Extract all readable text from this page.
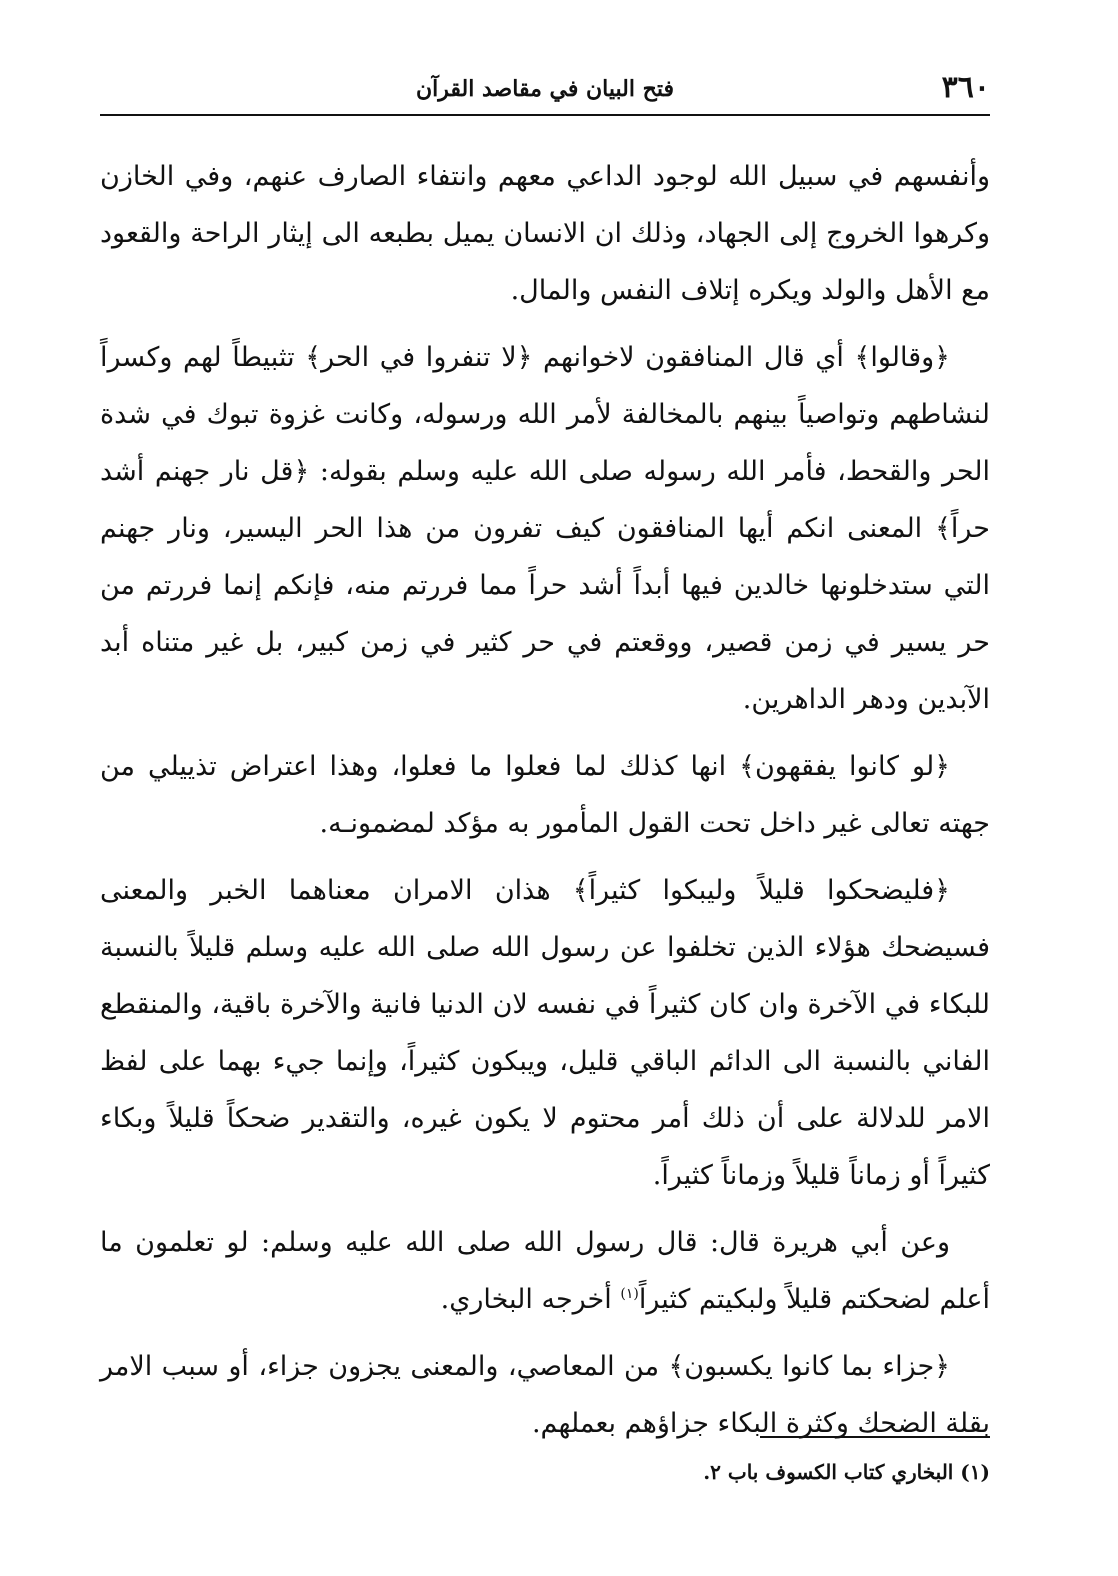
٣٦٠
فتح البيان في مقاصد القرآن

وأنفسهم في سبيل الله لوجود الداعي معهم وانتفاء الصارف عنهم، وفي الخازن وكرهوا الخروج إلى الجهاد، وذلك ان الانسان يميل بطبعه الى إيثار الراحة والقعود مع الأهل والولد ويكره إتلاف النفس والمال.

﴿وقالوا﴾ أي قال المنافقون لاخوانهم ﴿لا تنفروا في الحر﴾ تثبيطاً لهم وكسراً لنشاطهم وتواصياً بينهم بالمخالفة لأمر الله ورسوله، وكانت غزوة تبوك في شدة الحر والقحط، فأمر الله رسوله صلى الله عليه وسلم بقوله: ﴿قل نار جهنم أشد حراً﴾ المعنى انكم أيها المنافقون كيف تفرون من هذا الحر اليسير، ونار جهنم التي ستدخلونها خالدين فيها أبداً أشد حراً مما فررتم منه، فإنكم إنما فررتم من حر يسير في زمن قصير، ووقعتم في حر كثير في زمن كبير، بل غير متناه أبد الآبدين ودهر الداهرين.

﴿لو كانوا يفقهون﴾ انها كذلك لما فعلوا ما فعلوا، وهذا اعتراض تذييلي من جهته تعالى غير داخل تحت القول المأمور به مؤكد لمضمونـه.

﴿فليضحكوا قليلاً وليبكوا كثيراً﴾ هذان الامران معناهما الخبر والمعنى فسيضحك هؤلاء الذين تخلفوا عن رسول الله صلى الله عليه وسلم قليلاً بالنسبة للبكاء في الآخرة وان كان كثيراً في نفسه لان الدنيا فانية والآخرة باقية، والمنقطع الفاني بالنسبة الى الدائم الباقي قليل، ويبكون كثيراً، وإنما جيء بهما على لفظ الامر للدلالة على أن ذلك أمر محتوم لا يكون غيره، والتقدير ضحكاً قليلاً وبكاء كثيراً أو زماناً قليلاً وزماناً كثيراً.

وعن أبي هريرة قال: قال رسول الله صلى الله عليه وسلم: لو تعلمون ما أعلم لضحكتم قليلاً ولبكيتم كثيراً$^{(١)}$ أخرجه البخاري.

﴿جزاء بما كانوا يكسبون﴾ من المعاصي، والمعنى يجزون جزاء، أو سبب الامر بقلة الضحك وكثرة البكاء جزاؤهم بعملهم.

(١) البخاري كتاب الكسوف باب ٢.
